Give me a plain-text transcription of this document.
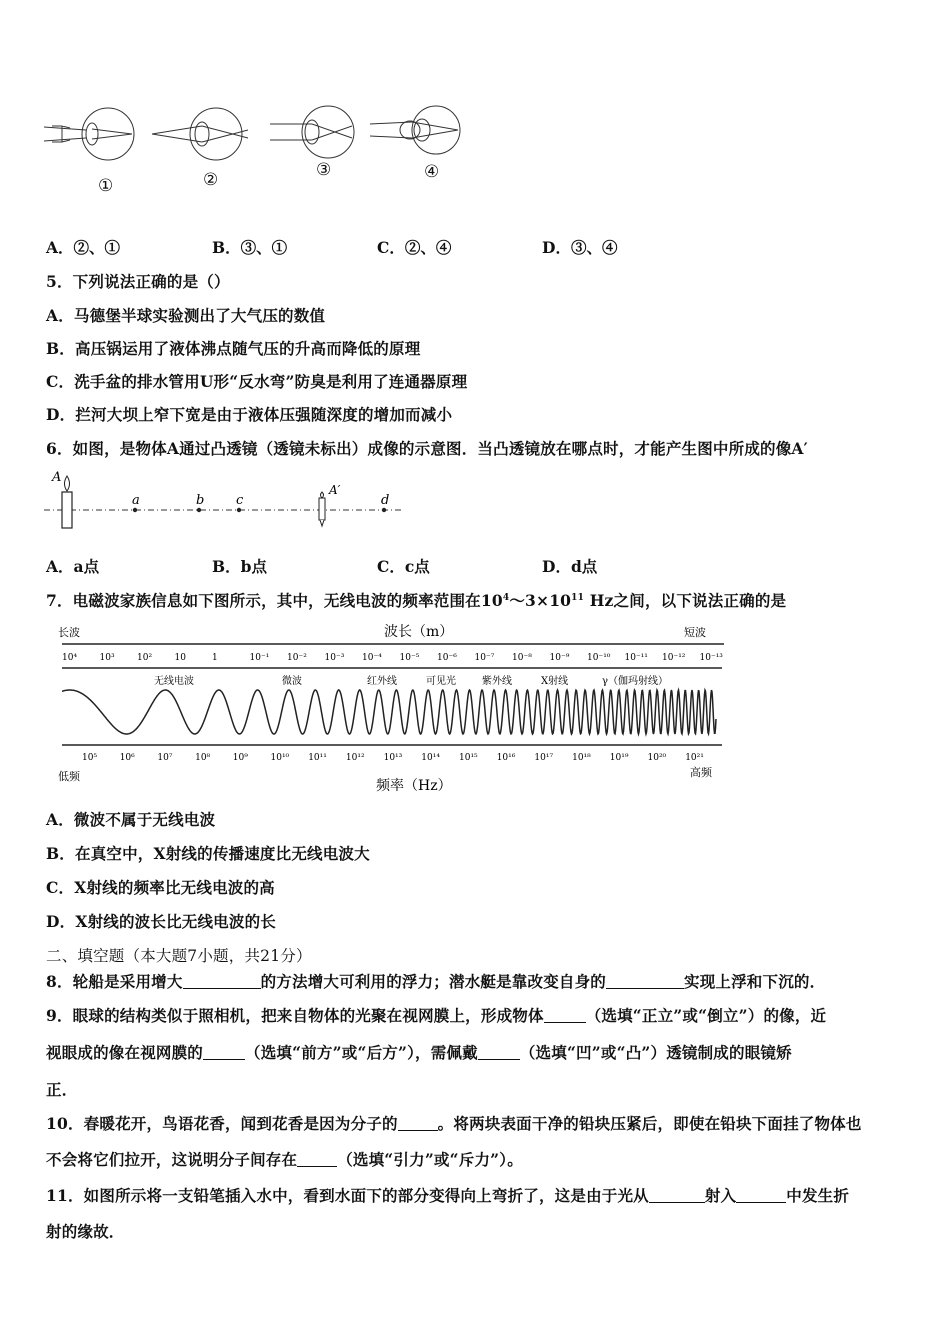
①	②	③	④
A．②、①	B．③、①	C．②、④	D．③、④
5．下列说法正确的是（）
A．马德堡半球实验测出了大气压的数值
B．高压锅运用了液体沸点随气压的升高而降低的原理
C．洗手盆的排水管用U形“反水弯”防臭是利用了连通器原理
D．拦河大坝上窄下宽是由于液体压强随深度的增加而减小
6．如图，是物体A通过凸透镜（透镜未标出）成像的示意图．当凸透镜放在哪点时，才能产生图中所成的像A′
A
a	b c	d
A′
A．a点	B．b点	C．c点	D．d点
7．电磁波家族信息如下图所示，其中，无线电波的频率范围在$10^4\sim 3\times 10^{11}$ Hz之间，以下说法正确的是
长波	短波
波长（m）
10⁴ 10³ 10² 10	1	10⁻¹ 10⁻² 10⁻³ 10⁻⁴ 10⁻⁵ 10⁻⁶ 10⁻⁷ 10⁻⁸ 10⁻⁹ 10⁻¹⁰ 10⁻¹¹ 10⁻¹² 10⁻¹³
无线电波	微波	红外线	可见光	紫外线	X射线	γ（伽玛射线）
10⁵	10⁶	10⁷	10⁸	10⁹	10¹⁰ 10¹¹ 10¹² 10¹³ 10¹⁴ 10¹⁵ 10¹⁶ 10¹⁷ 10¹⁸ 10¹⁹ 10²⁰ 10²¹
低频	高频
频率（Hz）
A．微波不属于无线电波
B．在真空中，X射线的传播速度比无线电波大
C．X射线的频率比无线电波的高
D．X射线的波长比无线电波的长
二、填空题（本大题7小题，共21分）
8．轮船是采用增大	的方法增大可利用的浮力；潜水艇是靠改变自身的	实现上浮和下沉的．
9．眼球的结构类似于照相机，把来自物体的光聚在视网膜上，形成物体	（选填“正立”或“倒立”）的像，近
视眼成的像在视网膜的	（选填“前方”或“后方”），需佩戴	（选填“凹”或“凸”）透镜制成的眼镜矫
正．
10．春暖花开，鸟语花香，闻到花香是因为分子的	。将两块表面干净的铅块压紧后，即使在铅块下面挂了物体也
不会将它们拉开，这说明分子间存在	（选填“引力”或“斥力”）。
11．如图所示将一支铅笔插入水中，看到水面下的部分变得向上弯折了，这是由于光从	射入	中发生折
射的缘故．
